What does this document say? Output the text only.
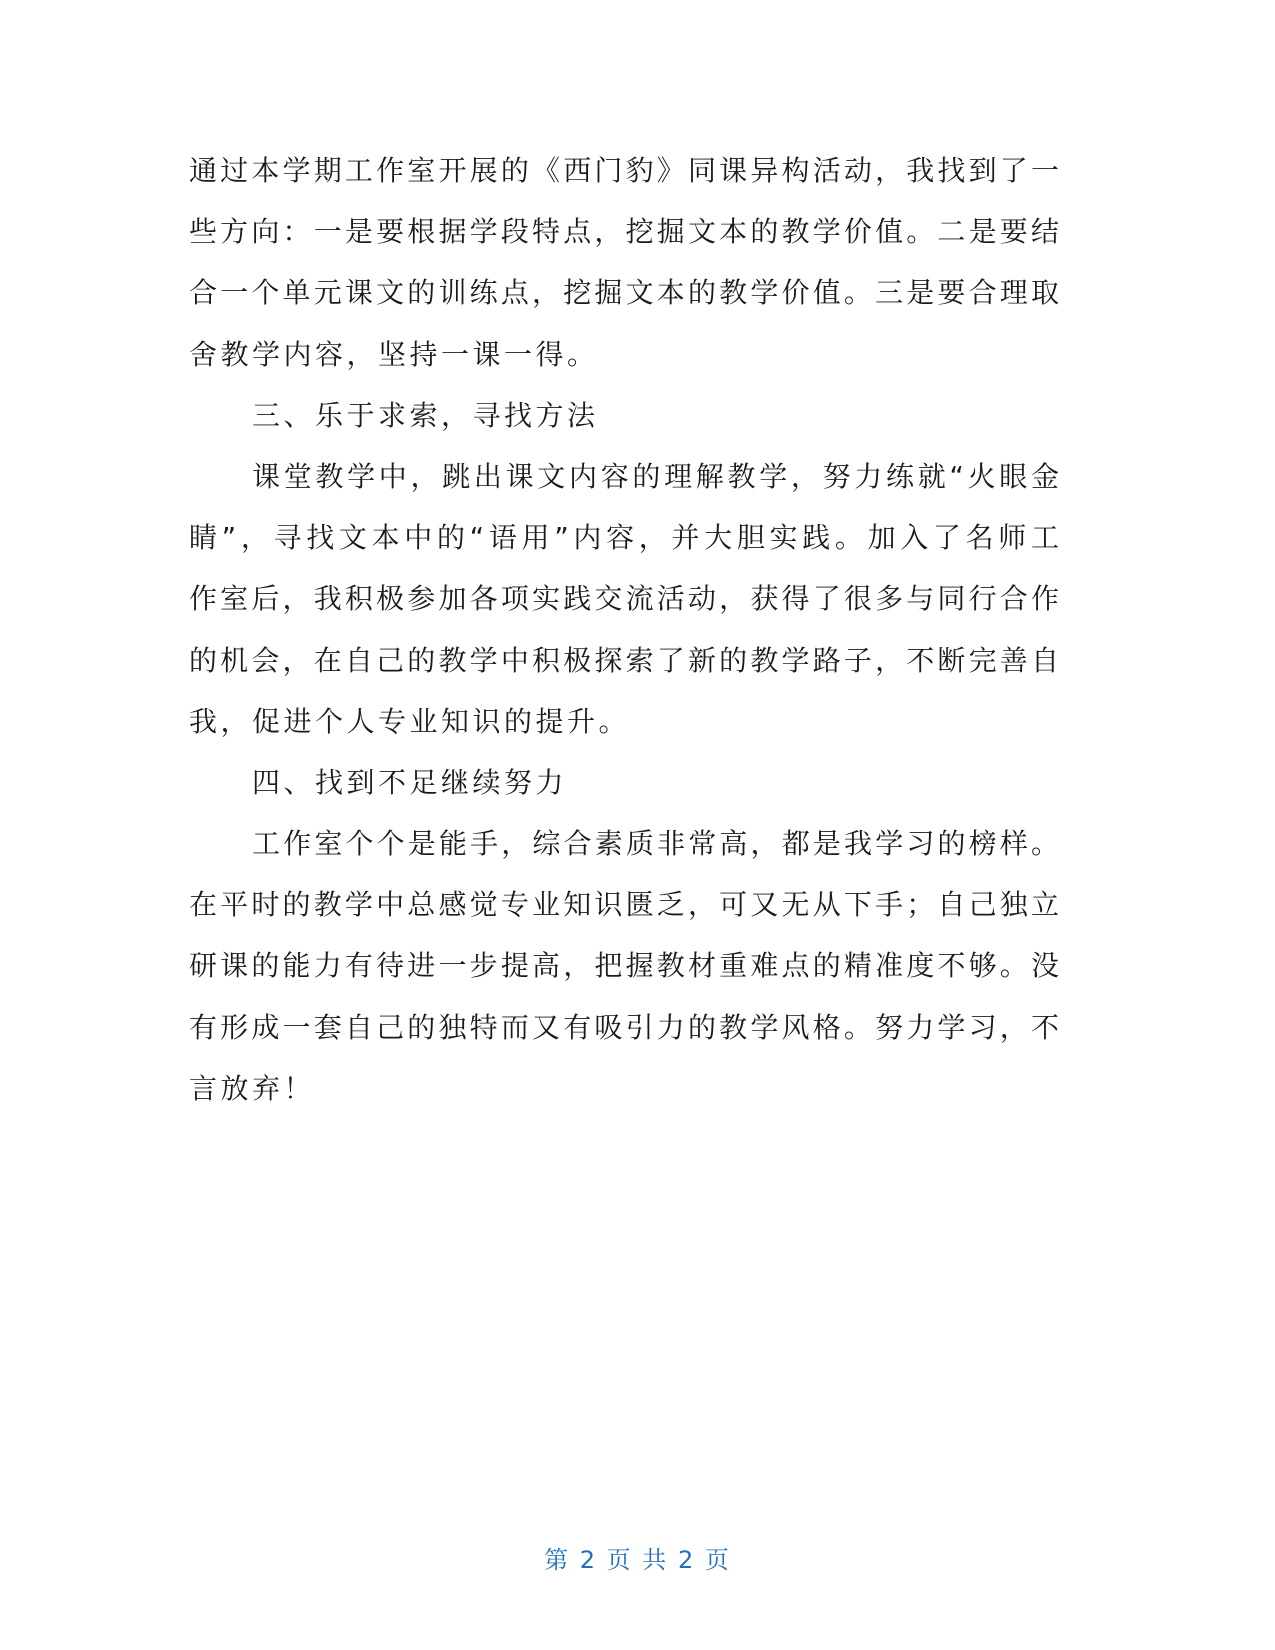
通过本学期工作室开展的《西门豹》同课异构活动，我找到了一
些方向：一是要根据学段特点，挖掘文本的教学价值。二是要结
合一个单元课文的训练点，挖掘文本的教学价值。三是要合理取
舍教学内容，坚持一课一得。
三、乐于求索，寻找方法
课堂教学中，跳出课文内容的理解教学，努力练就“火眼金
睛”，寻找文本中的“语用”内容，并大胆实践。加入了名师工
作室后，我积极参加各项实践交流活动，获得了很多与同行合作
的机会，在自己的教学中积极探索了新的教学路子，不断完善自
我，促进个人专业知识的提升。
四、找到不足继续努力
工作室个个是能手，综合素质非常高，都是我学习的榜样。
在平时的教学中总感觉专业知识匮乏，可又无从下手；自己独立
研课的能力有待进一步提高，把握教材重难点的精准度不够。没
有形成一套自己的独特而又有吸引力的教学风格。努力学习，不
言放弃！
第 2 页 共 2 页
